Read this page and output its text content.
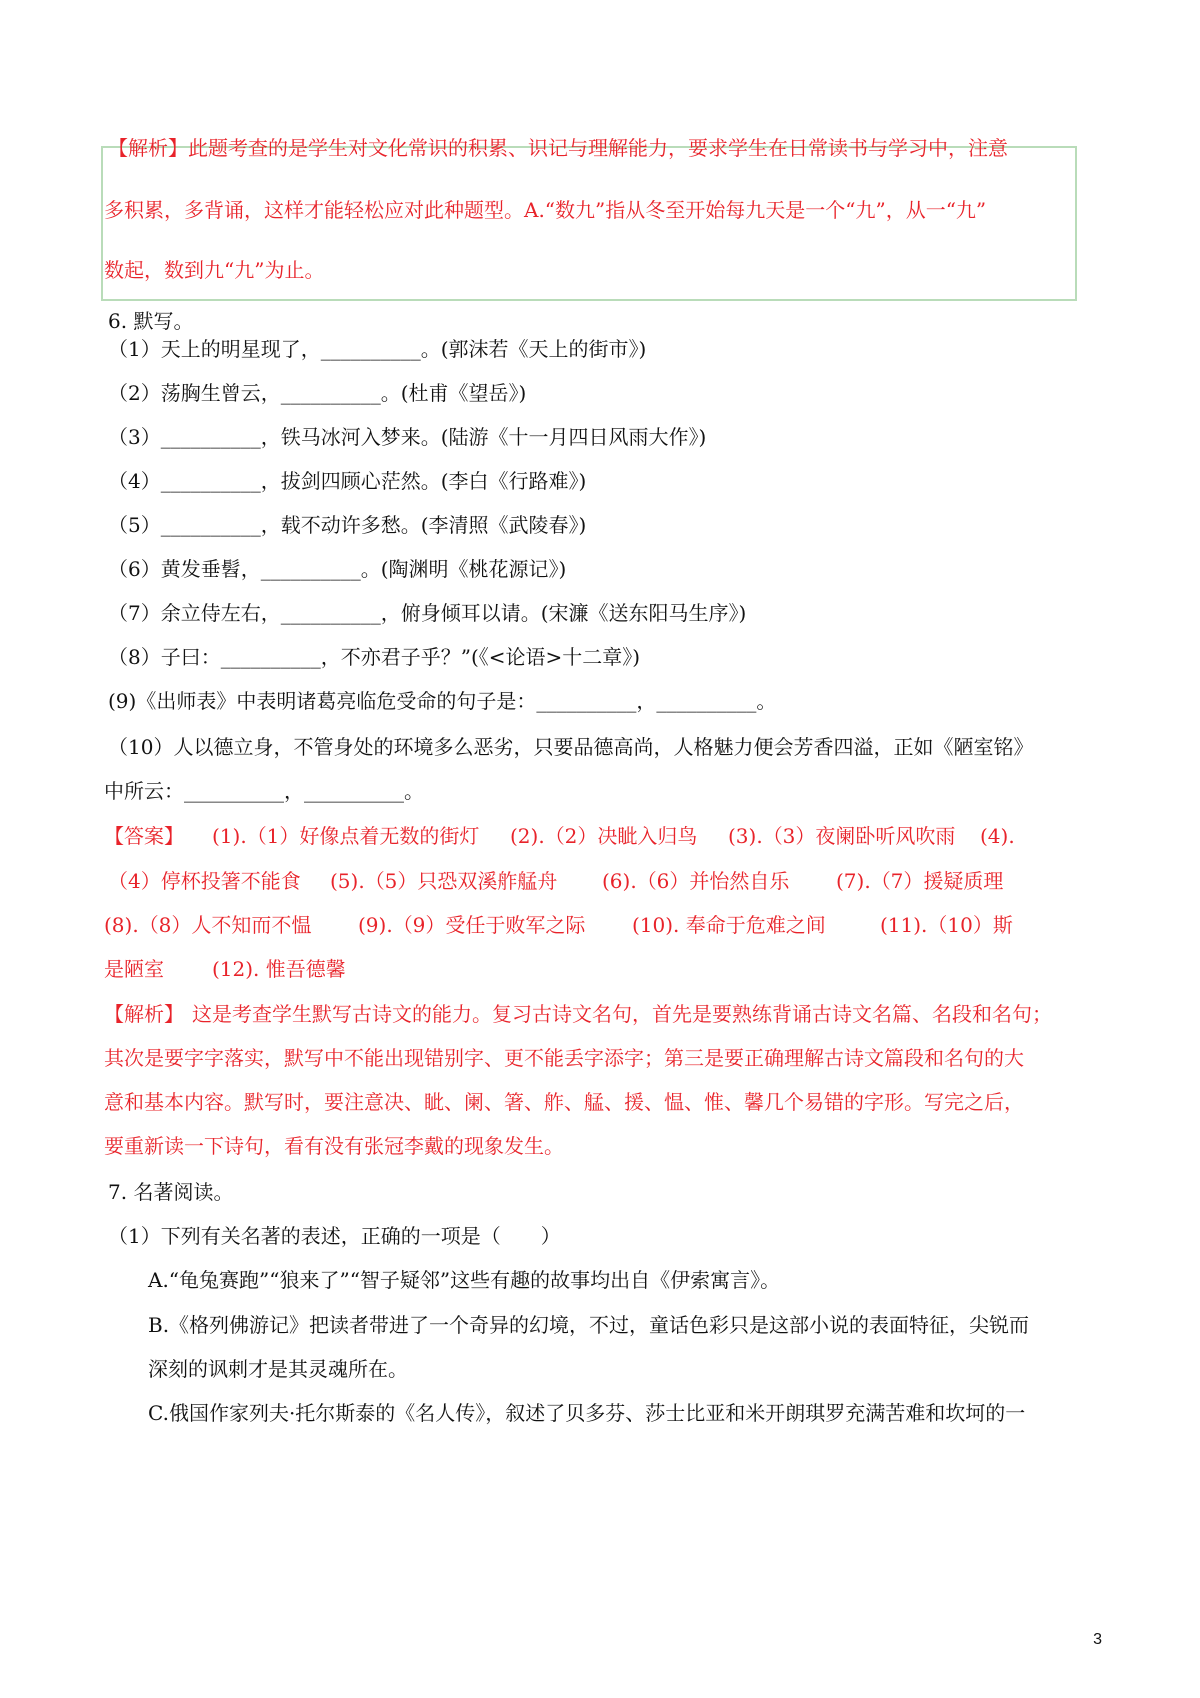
【解析】此题考查的是学生对文化常识的积累、识记与理解能力，要求学生在日常读书与学习中，注意
多积累，多背诵，这样才能轻松应对此种题型。A.“数九”指从冬至开始每九天是一个“九”，从一“九”
数起，数到九“九”为止。
6. 默写。
（1）天上的明星现了，__________。(郭沫若《天上的街市》)
（2）荡胸生曾云，__________。(杜甫《望岳》)
（3）__________，铁马冰河入梦来。(陆游《十一月四日风雨大作》)
（4）__________，拔剑四顾心茫然。(李白《行路难》)
（5）__________，载不动许多愁。(李清照《武陵春》)
（6）黄发垂髫，__________。(陶渊明《桃花源记》)
（7）余立侍左右，__________，俯身倾耳以请。(宋濂《送东阳马生序》)
（8）子曰：__________，不亦君子乎？”(《<论语>十二章》)
(9)《出师表》中表明诸葛亮临危受命的句子是：__________，__________。
（10）人以德立身，不管身处的环境多么恶劣，只要品德高尚，人格魅力便会芳香四溢，正如《陋室铭》
中所云：__________，__________。
【答案】 (1).（1）好像点着无数的街灯 (2).（2）决眦入归鸟 (3).（3）夜阑卧听风吹雨 (4).
（4）停杯投箸不能食 (5).（5）只恐双溪舴艋舟 (6).（6）并怡然自乐 (7).（7）援疑质理
(8).（8）人不知而不愠 (9).（9）受任于败军之际 (10). 奉命于危难之间	(11).（10）斯
是陋室 (12). 惟吾德馨
【解析】 这是考查学生默写古诗文的能力。复习古诗文名句，首先是要熟练背诵古诗文名篇、名段和名句；
其次是要字字落实，默写中不能出现错别字、更不能丢字添字；第三是要正确理解古诗文篇段和名句的大
意和基本内容。默写时，要注意决、眦、阑、箸、舴、艋、援、愠、惟、馨几个易错的字形。写完之后，
要重新读一下诗句，看有没有张冠李戴的现象发生。
7. 名著阅读。
（1）下列有关名著的表述，正确的一项是（　　）
A.“龟兔赛跑”“狼来了”“智子疑邻”这些有趣的故事均出自《伊索寓言》。
B.《格列佛游记》把读者带进了一个奇异的幻境，不过，童话色彩只是这部小说的表面特征，尖锐而
深刻的讽刺才是其灵魂所在。
C.俄国作家列夫·托尔斯泰的《名人传》，叙述了贝多芬、莎士比亚和米开朗琪罗充满苦难和坎坷的一
3
